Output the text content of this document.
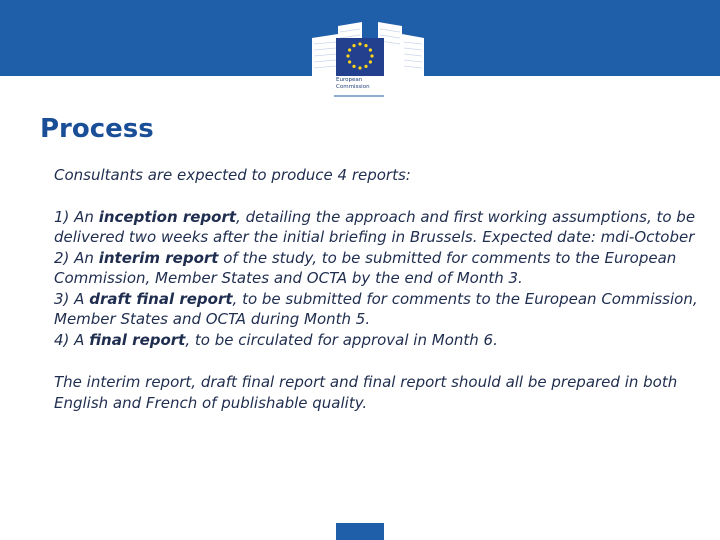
European
Commission
Process

Consultants are expected to produce 4 reports:

1) An inception report, detailing the approach and first working assumptions, to be delivered two weeks after the initial briefing in Brussels. Expected date: mdi-October
2) An interim report of the study, to be submitted for comments to the European Commission, Member States and OCTA by the end of Month 3.
3) A draft final report, to be submitted for comments to the European Commission, Member States and OCTA during Month 5.
4) A final report, to be circulated for approval in Month 6.

The interim report, draft final report and final report should all be prepared in both English and French of publishable quality.
